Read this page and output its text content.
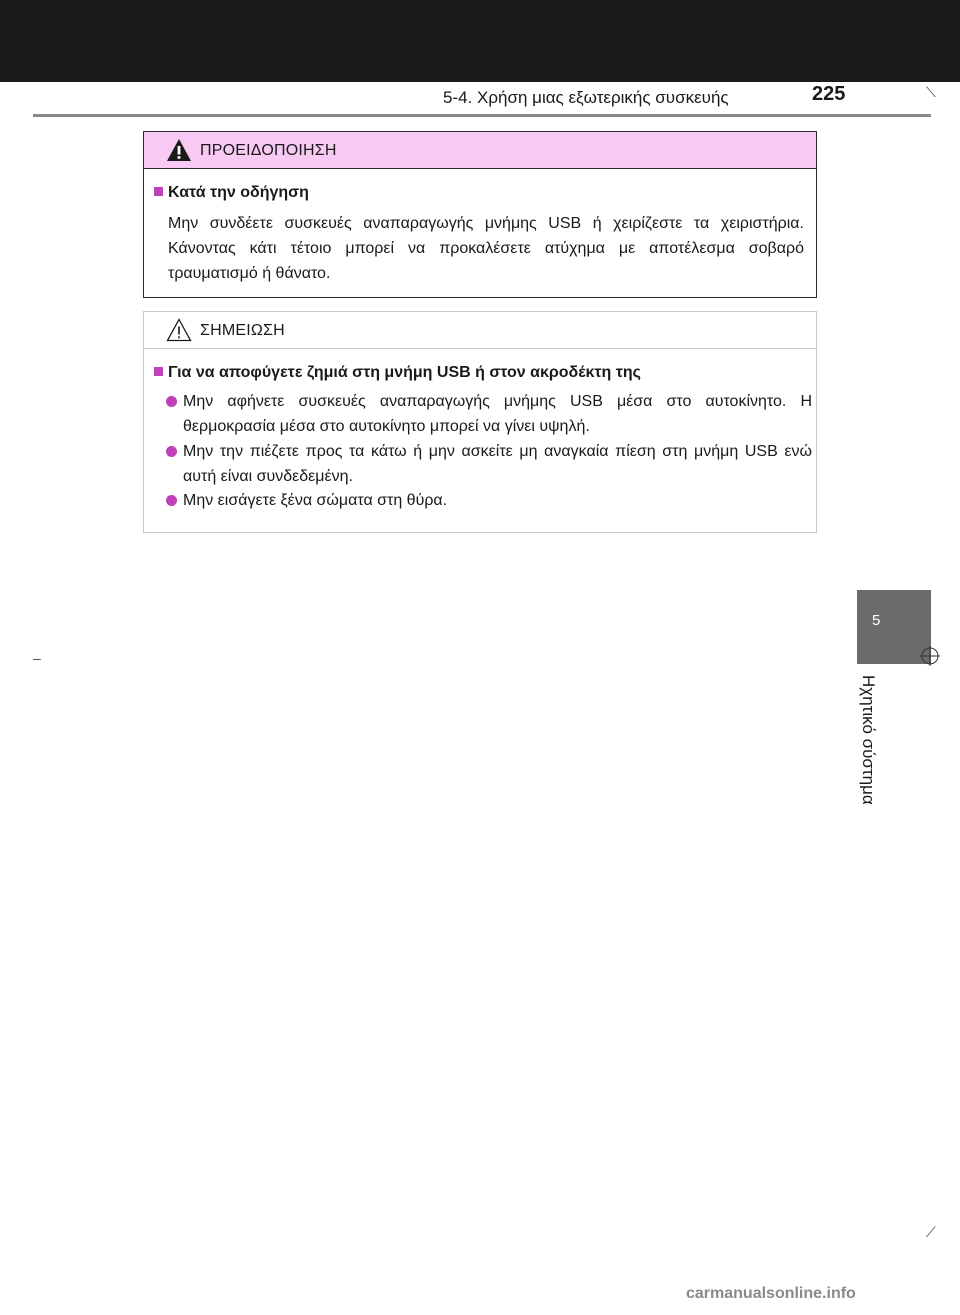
5-4. Χρήση μιας εξωτερικής συσκευής	225	⟍
–
⟋
ΠΡΟΕΙΔΟΠΟΙΗΣΗ
Κατά την οδήγηση
Μην συνδέετε συσκευές αναπαραγωγής μνήμης USB ή χειρίζεστε τα χειριστήρια. Κάνοντας κάτι τέτοιο μπορεί να προκαλέσετε ατύχημα με αποτέλεσμα σοβαρό τραυματισμό ή θάνατο.
ΣΗΜΕΙΩΣΗ
Για να αποφύγετε ζημιά στη μνήμη USB ή στον ακροδέκτη της
Μην αφήνετε συσκευές αναπαραγωγής μνήμης USB μέσα στο αυτοκίνητο. Η θερμοκρασία μέσα στο αυτοκίνητο μπορεί να γίνει υψηλή.
Μην την πιέζετε προς τα κάτω ή μην ασκείτε μη αναγκαία πίεση στη μνήμη USB ενώ αυτή είναι συνδεδεμένη.
Μην εισάγετε ξένα σώματα στη θύρα.
5
Ηχητικό σύστημα
carmanualsonline.info
